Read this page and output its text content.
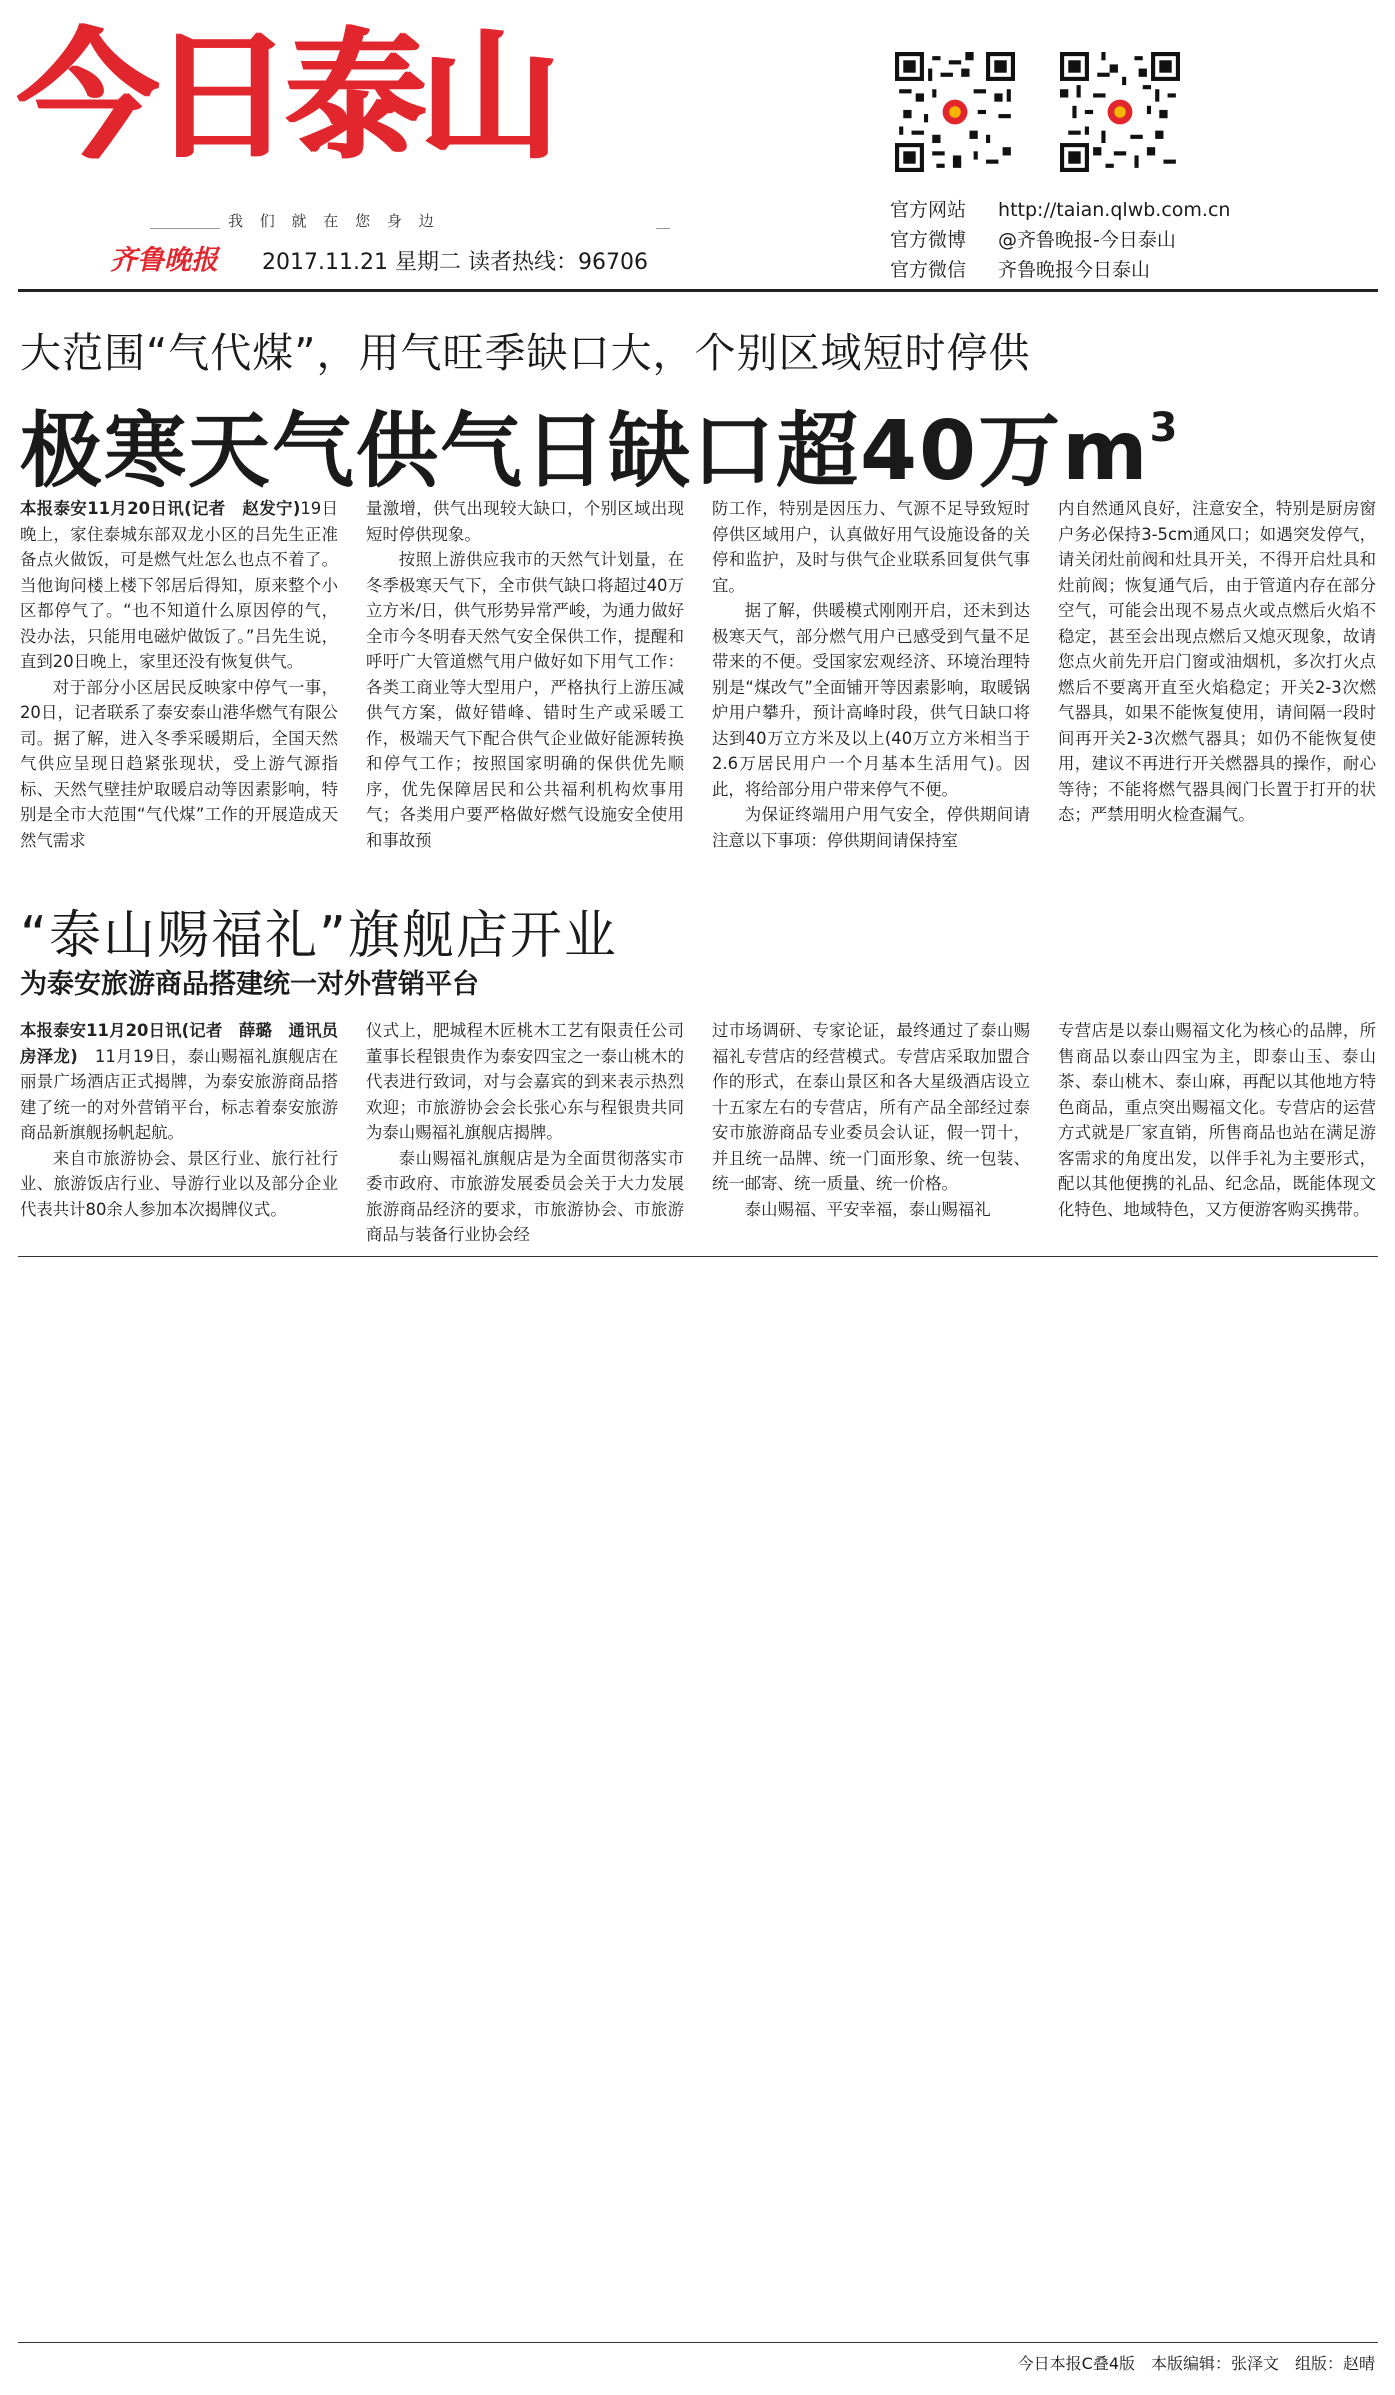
今日泰山
我 们 就 在 您 身 边
齐鲁晚报 2017.11.21 星期二 读者热线：96706
官方网站 http://taian.qlwb.com.cn
官方微博 @齐鲁晚报-今日泰山
官方微信 齐鲁晚报今日泰山
大范围“气代煤”，用气旺季缺口大，个别区域短时停供
极寒天气供气日缺口超40万$m^3$

本报泰安11月20日讯(记者　赵发宁)19日晚上，家住泰城东部双龙小区的吕先生正准备点火做饭，可是燃气灶怎么也点不着了。当他询问楼上楼下邻居后得知，原来整个小区都停气了。“也不知道什么原因停的气，没办法，只能用电磁炉做饭了。”吕先生说，直到20日晚上，家里还没有恢复供气。

对于部分小区居民反映家中停气一事，20日，记者联系了泰安泰山港华燃气有限公司。据了解，进入冬季采暖期后，全国天然气供应呈现日趋紧张现状，受上游气源指标、天然气壁挂炉取暖启动等因素影响，特别是全市大范围“气代煤”工作的开展造成天然气需求

量激增，供气出现较大缺口，个别区域出现短时停供现象。

按照上游供应我市的天然气计划量，在冬季极寒天气下，全市供气缺口将超过40万立方米/日，供气形势异常严峻，为通力做好全市今冬明春天然气安全保供工作，提醒和呼吁广大管道燃气用户做好如下用气工作：各类工商业等大型用户，严格执行上游压减供气方案，做好错峰、错时生产或采暖工作，极端天气下配合供气企业做好能源转换和停气工作；按照国家明确的保供优先顺序，优先保障居民和公共福利机构炊事用气；各类用户要严格做好燃气设施安全使用和事故预

防工作，特别是因压力、气源不足导致短时停供区域用户，认真做好用气设施设备的关停和监护，及时与供气企业联系回复供气事宜。

据了解，供暖模式刚刚开启，还未到达极寒天气，部分燃气用户已感受到气量不足带来的不便。受国家宏观经济、环境治理特别是“煤改气”全面铺开等因素影响，取暖锅炉用户攀升，预计高峰时段，供气日缺口将达到40万立方米及以上(40万立方米相当于2.6万居民用户一个月基本生活用气)。因此，将给部分用户带来停气不便。

为保证终端用户用气安全，停供期间请注意以下事项：停供期间请保持室

内自然通风良好，注意安全，特别是厨房窗户务必保持3-5cm通风口；如遇突发停气，请关闭灶前阀和灶具开关，不得开启灶具和灶前阀；恢复通气后，由于管道内存在部分空气，可能会出现不易点火或点燃后火焰不稳定，甚至会出现点燃后又熄灭现象，故请您点火前先开启门窗或油烟机，多次打火点燃后不要离开直至火焰稳定；开关2-3次燃气器具，如果不能恢复使用，请间隔一段时间再开关2-3次燃气器具；如仍不能恢复使用，建议不再进行开关燃器具的操作，耐心等待；不能将燃气器具阀门长置于打开的状态；严禁用明火检查漏气。

“泰山赐福礼”旗舰店开业
为泰安旅游商品搭建统一对外营销平台

本报泰安11月20日讯(记者　薛璐　通讯员　房泽龙)　 11月19日，泰山赐福礼旗舰店在丽景广场酒店正式揭牌，为泰安旅游商品搭建了统一的对外营销平台，标志着泰安旅游商品新旗舰扬帆起航。

来自市旅游协会、景区行业、旅行社行业、旅游饭店行业、导游行业以及部分企业代表共计80余人参加本次揭牌仪式。

仪式上，肥城程木匠桃木工艺有限责任公司董事长程银贵作为泰安四宝之一泰山桃木的代表进行致词，对与会嘉宾的到来表示热烈欢迎；市旅游协会会长张心东与程银贵共同为泰山赐福礼旗舰店揭牌。

泰山赐福礼旗舰店是为全面贯彻落实市委市政府、市旅游发展委员会关于大力发展旅游商品经济的要求，市旅游协会、市旅游商品与装备行业协会经

过市场调研、专家论证，最终通过了泰山赐福礼专营店的经营模式。专营店采取加盟合作的形式，在泰山景区和各大星级酒店设立十五家左右的专营店，所有产品全部经过泰安市旅游商品专业委员会认证，假一罚十，并且统一品牌、统一门面形象、统一包装、统一邮寄、统一质量、统一价格。

泰山赐福、平安幸福，泰山赐福礼

专营店是以泰山赐福文化为核心的品牌，所售商品以泰山四宝为主，即泰山玉、泰山茶、泰山桃木、泰山麻，再配以其他地方特色商品，重点突出赐福文化。专营店的运营方式就是厂家直销，所售商品也站在满足游客需求的角度出发，以伴手礼为主要形式，配以其他便携的礼品、纪念品，既能体现文化特色、地域特色，又方便游客购买携带。

今日本报C叠4版　本版编辑：张泽文　组版：赵晴
